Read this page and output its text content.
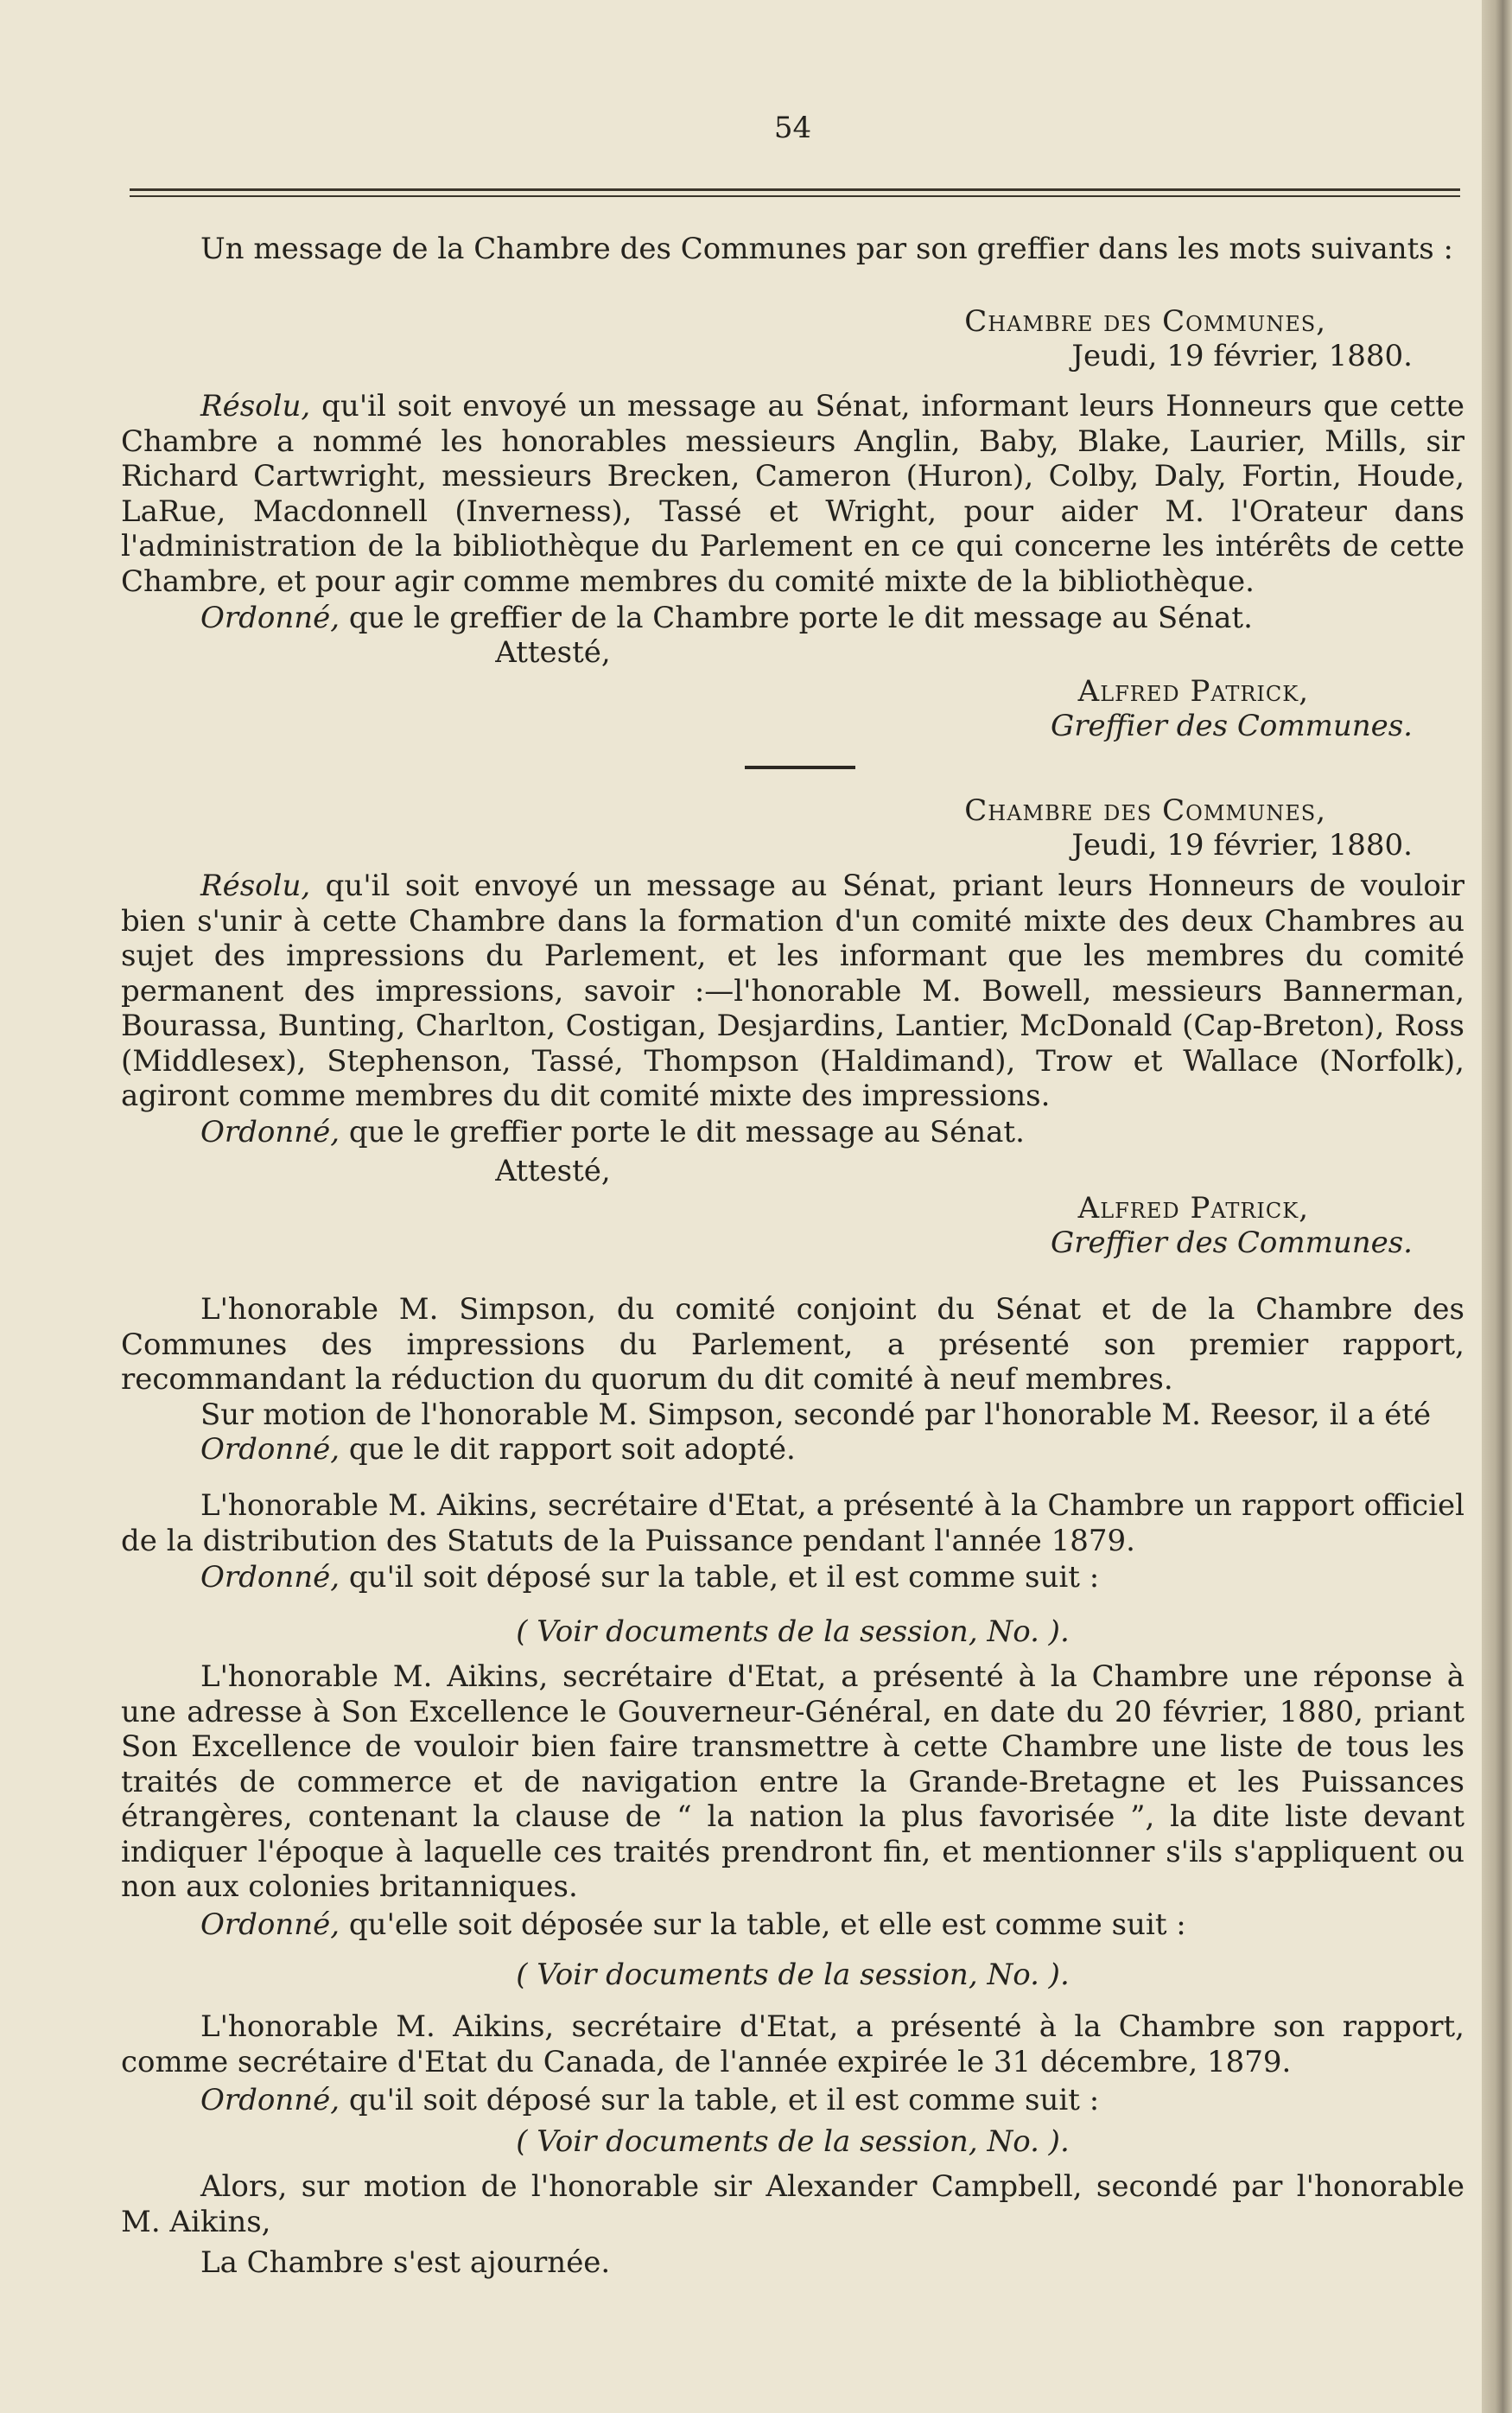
54

Un message de la Chambre des Communes par son greffier dans les mots suivants :

Chambre des Communes,

Jeudi, 19 février, 1880.

Résolu, qu'il soit envoyé un message au Sénat, informant leurs Honneurs que cette Chambre a nommé les honorables messieurs Anglin, Baby, Blake, Laurier, Mills, sir Richard Cartwright, messieurs Brecken, Cameron (Huron), Colby, Daly, Fortin, Houde, LaRue, Macdonnell (Inverness), Tassé et Wright, pour aider M. l'Orateur dans l'administration de la bibliothèque du Parlement en ce qui concerne les intérêts de cette Chambre, et pour agir comme membres du comité mixte de la bibliothèque.

Ordonné, que le greffier de la Chambre porte le dit message au Sénat.

Attesté,

Alfred Patrick,

Greffier des Communes.

Chambre des Communes,

Jeudi, 19 février, 1880.

Résolu, qu'il soit envoyé un message au Sénat, priant leurs Honneurs de vouloir bien s'unir à cette Chambre dans la formation d'un comité mixte des deux Chambres au sujet des impressions du Parlement, et les informant que les membres du comité permanent des impressions, savoir :—l'honorable M. Bowell, messieurs Bannerman, Bourassa, Bunting, Charlton, Costigan, Desjardins, Lantier, McDonald (Cap-Breton), Ross (Middlesex), Stephenson, Tassé, Thompson (Haldimand), Trow et Wallace (Norfolk), agiront comme membres du dit comité mixte des impressions.

Ordonné, que le greffier porte le dit message au Sénat.

Attesté,

Alfred Patrick,

Greffier des Communes.

L'honorable M. Simpson, du comité conjoint du Sénat et de la Chambre des Communes des impressions du Parlement, a présenté son premier rapport, recommandant la réduction du quorum du dit comité à neuf membres.

Sur motion de l'honorable M. Simpson, secondé par l'honorable M. Reesor, il a été

Ordonné, que le dit rapport soit adopté.

L'honorable M. Aikins, secrétaire d'Etat, a présenté à la Chambre un rapport officiel de la distribution des Statuts de la Puissance pendant l'année 1879.

Ordonné, qu'il soit déposé sur la table, et il est comme suit :

( Voir documents de la session, No. ).

L'honorable M. Aikins, secrétaire d'Etat, a présenté à la Chambre une réponse à une adresse à Son Excellence le Gouverneur-Général, en date du 20 février, 1880, priant Son Excellence de vouloir bien faire transmettre à cette Chambre une liste de tous les traités de commerce et de navigation entre la Grande-Bretagne et les Puissances étrangères, contenant la clause de “ la nation la plus favorisée ”, la dite liste devant indiquer l'époque à laquelle ces traités prendront fin, et mentionner s'ils s'appliquent ou non aux colonies britanniques.

Ordonné, qu'elle soit déposée sur la table, et elle est comme suit :

( Voir documents de la session, No. ).

L'honorable M. Aikins, secrétaire d'Etat, a présenté à la Chambre son rapport, comme secrétaire d'Etat du Canada, de l'année expirée le 31 décembre, 1879.

Ordonné, qu'il soit déposé sur la table, et il est comme suit :

( Voir documents de la session, No. ).

Alors, sur motion de l'honorable sir Alexander Campbell, secondé par l'honorable M. Aikins,

La Chambre s'est ajournée.
